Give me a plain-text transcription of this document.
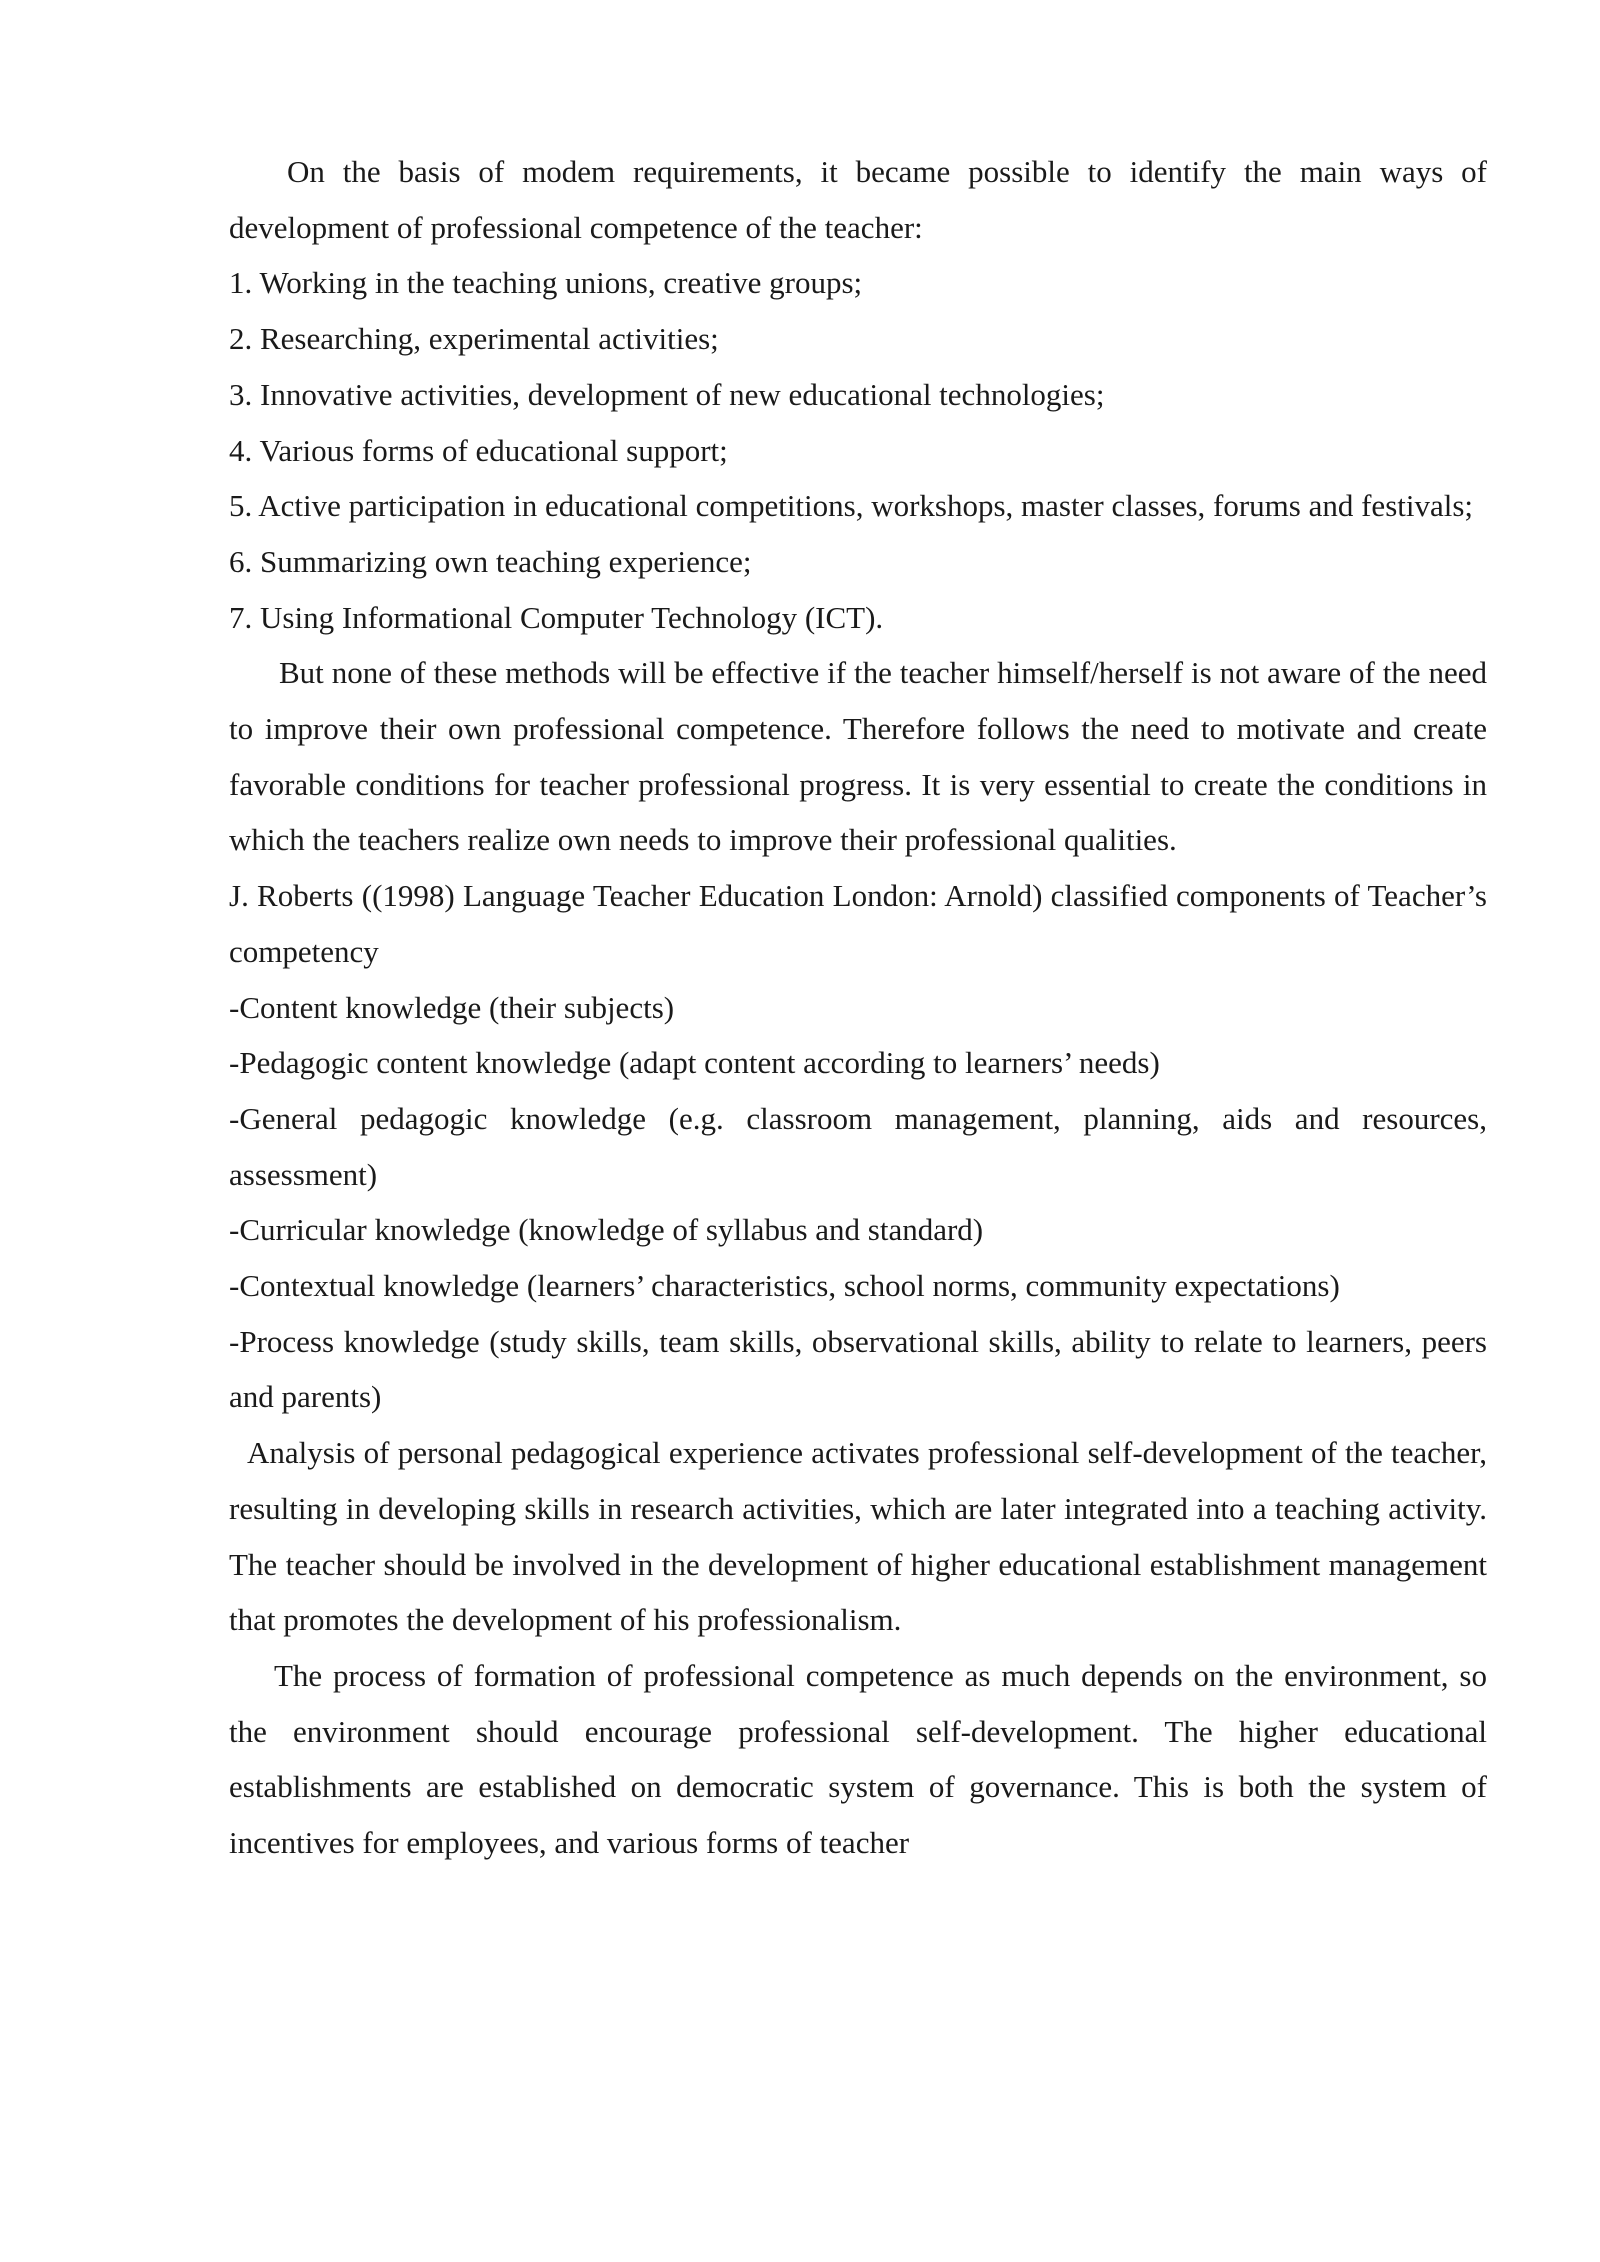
On the basis of modem requirements, it became possible to identify the main ways of development of professional competence of the teacher:

1. Working in the teaching unions, creative groups;

2. Researching, experimental activities;

3. Innovative activities, development of new educational technologies;

4. Various forms of educational support;

5. Active participation in educational competitions, workshops, master classes, forums and festivals;

6. Summarizing own teaching experience;

7. Using Informational Computer Technology (ICT).

But none of these methods will be effective if the teacher himself/herself is not aware of the need to improve their own professional competence. Therefore follows the need to motivate and create favorable conditions for teacher professional progress. It is very essential to create the conditions in which the teachers realize own needs to improve their professional qualities.

J. Roberts ((1998) Language Teacher Education London: Arnold) classified components of Teacher’s competency

-Content knowledge (their subjects)

-Pedagogic content knowledge (adapt content according to learners’ needs)

-General pedagogic knowledge (e.g. classroom management, planning, aids and resources, assessment)

-Curricular knowledge (knowledge of syllabus and standard)

-Contextual knowledge (learners’ characteristics, school norms, community expectations)

-Process knowledge (study skills, team skills, observational skills, ability to relate to learners, peers and parents)

Analysis of personal pedagogical experience activates professional self-development of the teacher, resulting in developing skills in research activities, which are later integrated into a teaching activity. The teacher should be involved in the development of higher educational establishment management that promotes the development of his professionalism.

The process of formation of professional competence as much depends on the environment, so the environment should encourage professional self-development. The higher educational establishments are established on democratic system of governance. This is both the system of incentives for employees, and various forms of teacher
